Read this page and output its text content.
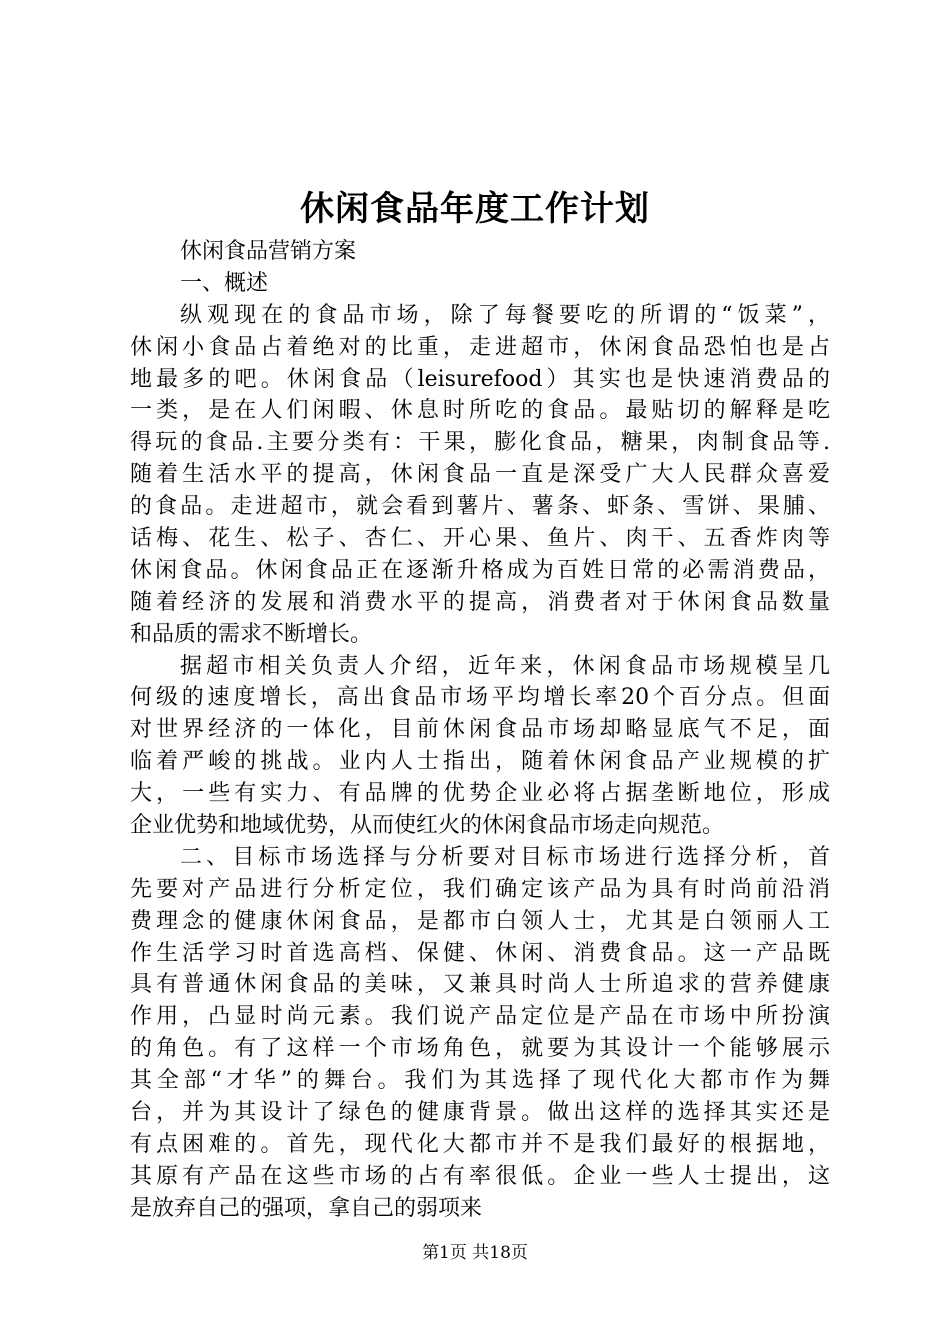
休闲食品年度工作计划
休闲食品营销方案
一、概述
纵观现在的食品市场，除了每餐要吃的所谓的“饭菜”，
休闲小食品占着绝对的比重，走进超市，休闲食品恐怕也是占
地最多的吧。休闲食品（leisurefood）其实也是快速消费品的
一类，是在人们闲暇、休息时所吃的食品。最贴切的解释是吃
得玩的食品.主要分类有：干果，膨化食品，糖果，肉制食品等.
随着生活水平的提高，休闲食品一直是深受广大人民群众喜爱
的食品。走进超市，就会看到薯片、薯条、虾条、雪饼、果脯、
话梅、花生、松子、杏仁、开心果、鱼片、肉干、五香炸肉等
休闲食品。休闲食品正在逐渐升格成为百姓日常的必需消费品，
随着经济的发展和消费水平的提高，消费者对于休闲食品数量
和品质的需求不断增长。
据超市相关负责人介绍，近年来，休闲食品市场规模呈几
何级的速度增长，高出食品市场平均增长率20个百分点。但面
对世界经济的一体化，目前休闲食品市场却略显底气不足，面
临着严峻的挑战。业内人士指出，随着休闲食品产业规模的扩
大，一些有实力、有品牌的优势企业必将占据垄断地位，形成
企业优势和地域优势，从而使红火的休闲食品市场走向规范。
二、目标市场选择与分析要对目标市场进行选择分析，首
先要对产品进行分析定位，我们确定该产品为具有时尚前沿消
费理念的健康休闲食品，是都市白领人士，尤其是白领丽人工
作生活学习时首选高档、保健、休闲、消费食品。这一产品既
具有普通休闲食品的美味，又兼具时尚人士所追求的营养健康
作用，凸显时尚元素。我们说产品定位是产品在市场中所扮演
的角色。有了这样一个市场角色，就要为其设计一个能够展示
其全部“才华”的舞台。我们为其选择了现代化大都市作为舞
台，并为其设计了绿色的健康背景。做出这样的选择其实还是
有点困难的。首先，现代化大都市并不是我们最好的根据地，
其原有产品在这些市场的占有率很低。企业一些人士提出，这
是放弃自己的强项，拿自己的弱项来
第1页 共18页
